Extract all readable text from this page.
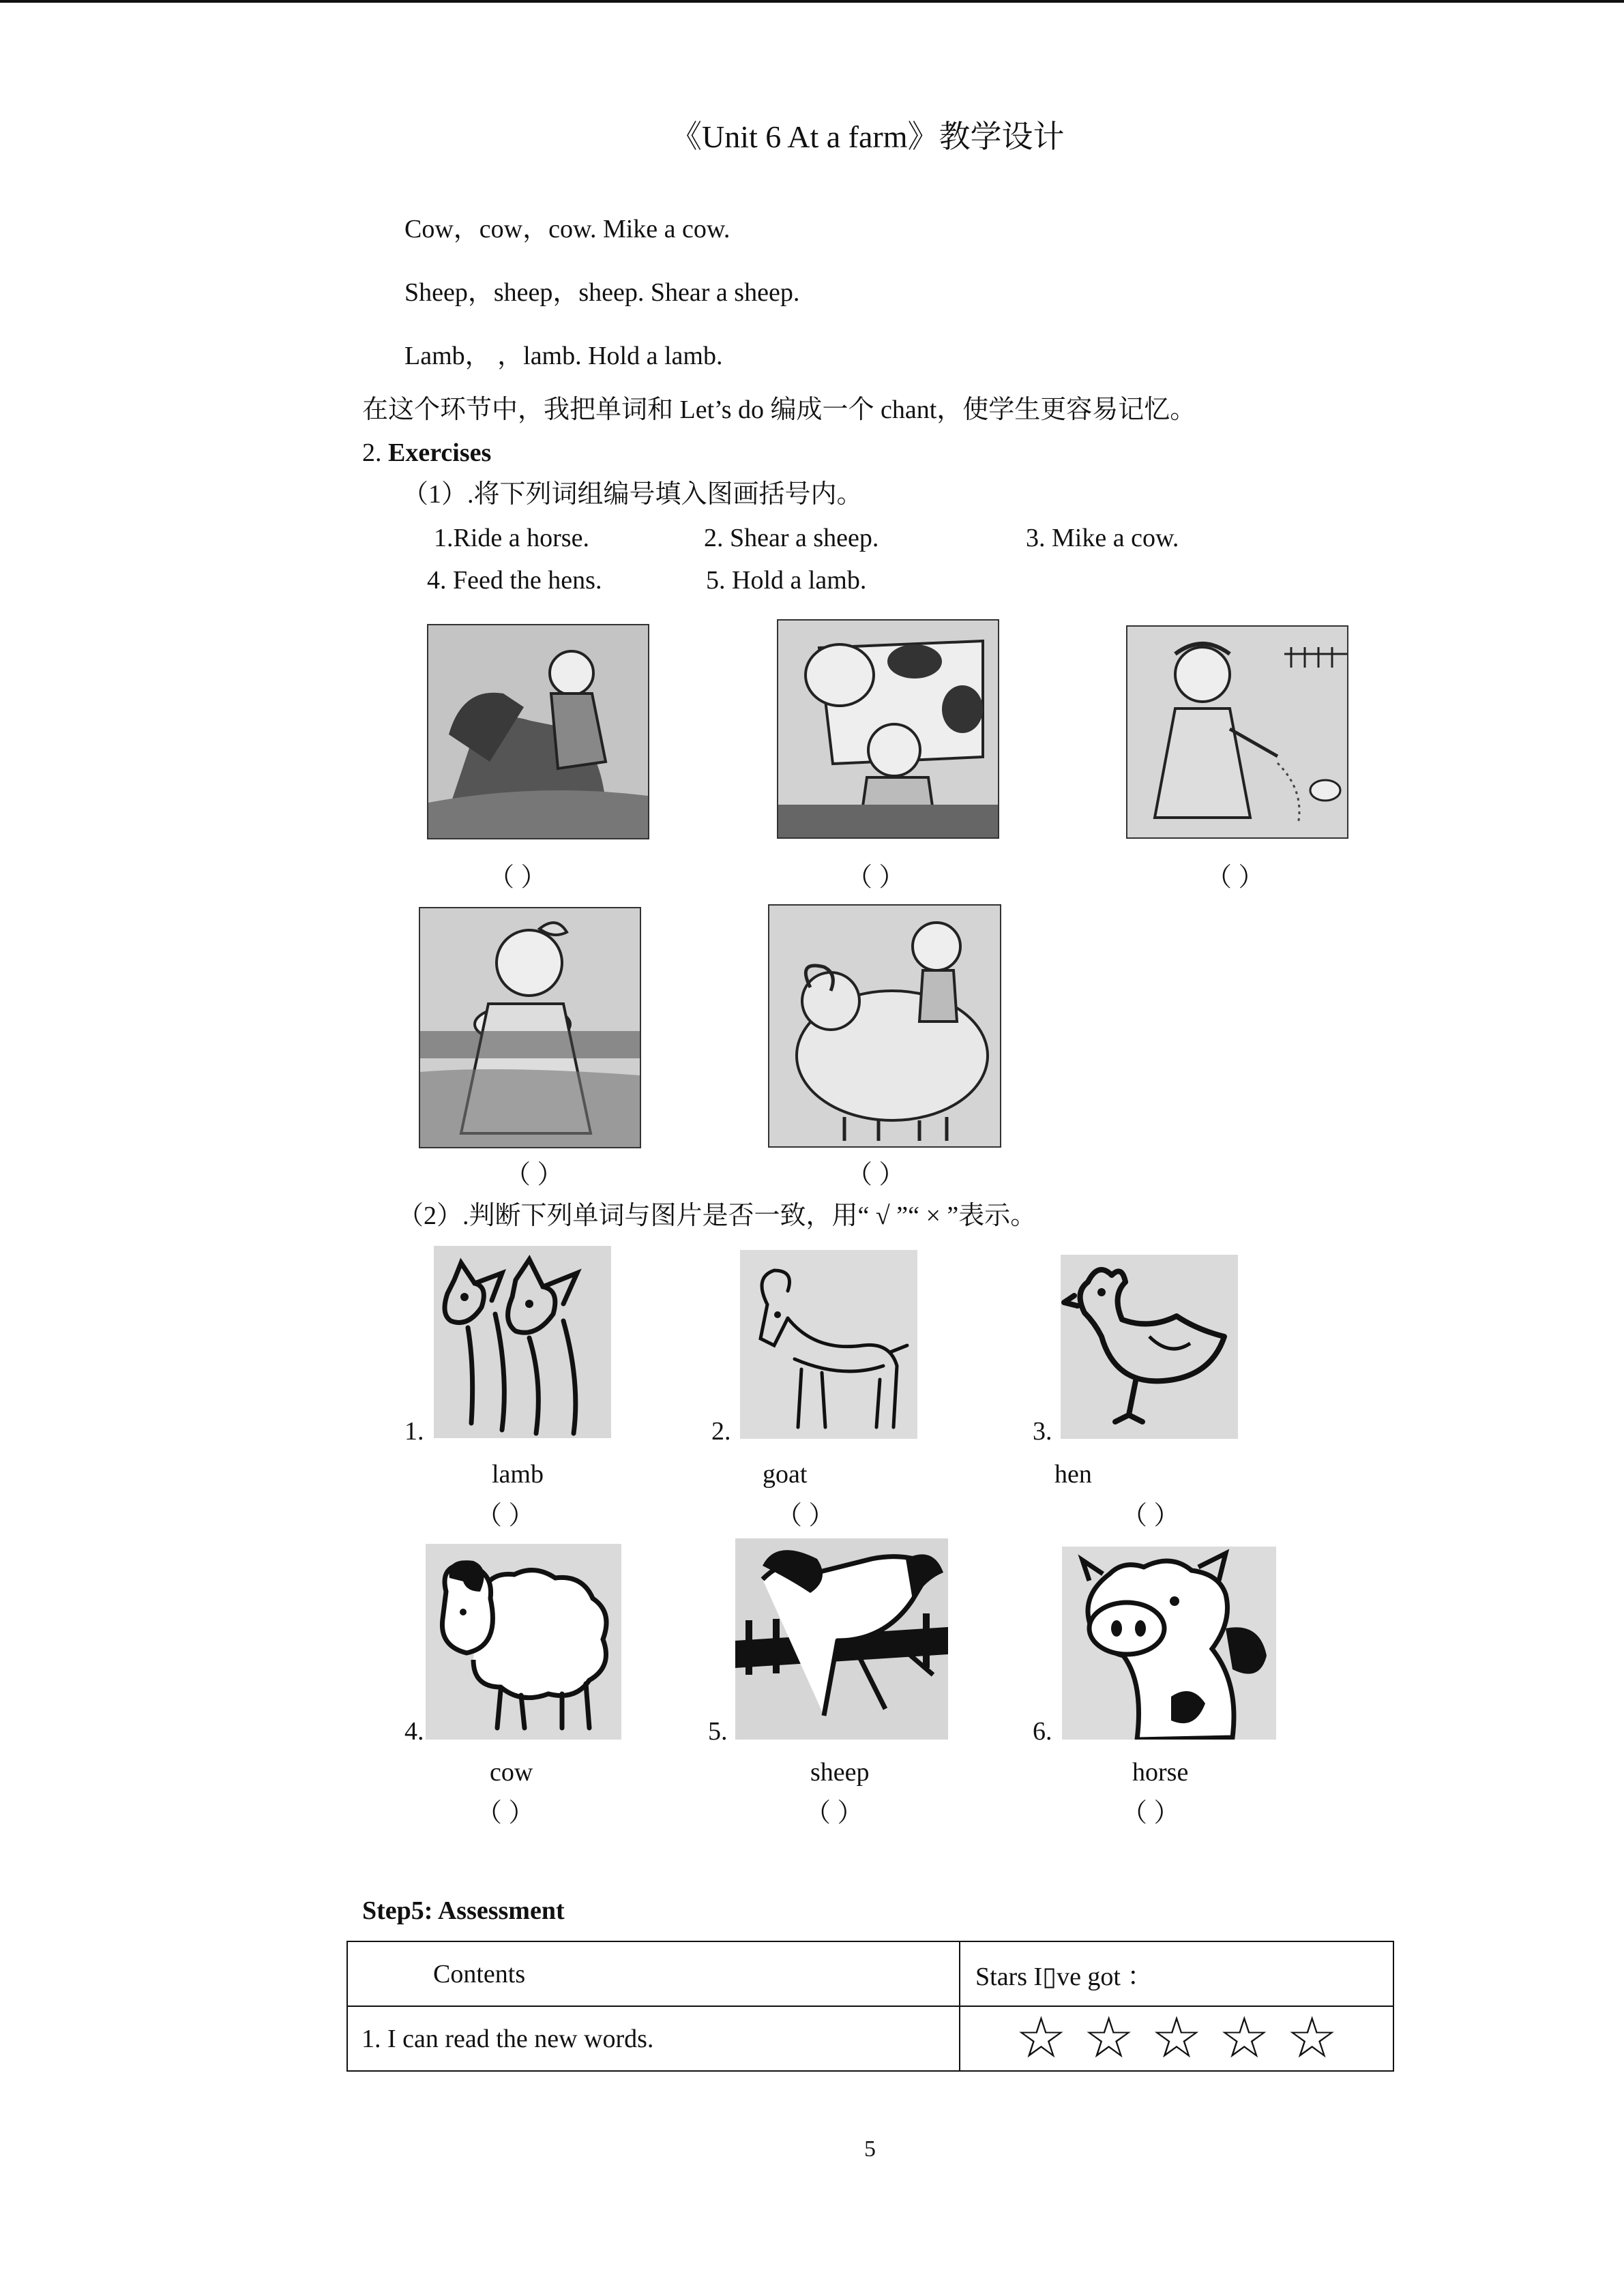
《Unit 6 At a farm》教学设计
Cow，cow，cow. Mike a cow.
Sheep，sheep，sheep. Shear a sheep.
Lamb， ，lamb. Hold a lamb.
在这个环节中，我把单词和 Let’s do 编成一个 chant，使学生更容易记忆。
2. Exercises
（1）.将下列词组编号填入图画括号内。
1.Ride a horse.	2. Shear a sheep.	3. Mike a cow.
4. Feed the hens.	5. Hold a lamb.
（ ）	（ ）	（ ）
（ ）	（ ）
（2）.判断下列单词与图片是否一致，用“ √ ”“ × ”表示。
1.	2.	3.
lamb	goat	hen
（ ）	（ ）	（ ）
4.	5.	6.
cow	sheep	horse
（ ）	（ ）	（ ）
Step5: Assessment
Contents	Stars I▯ve got ：
1. I can read the new words.	☆ ☆ ☆ ☆ ☆
5
